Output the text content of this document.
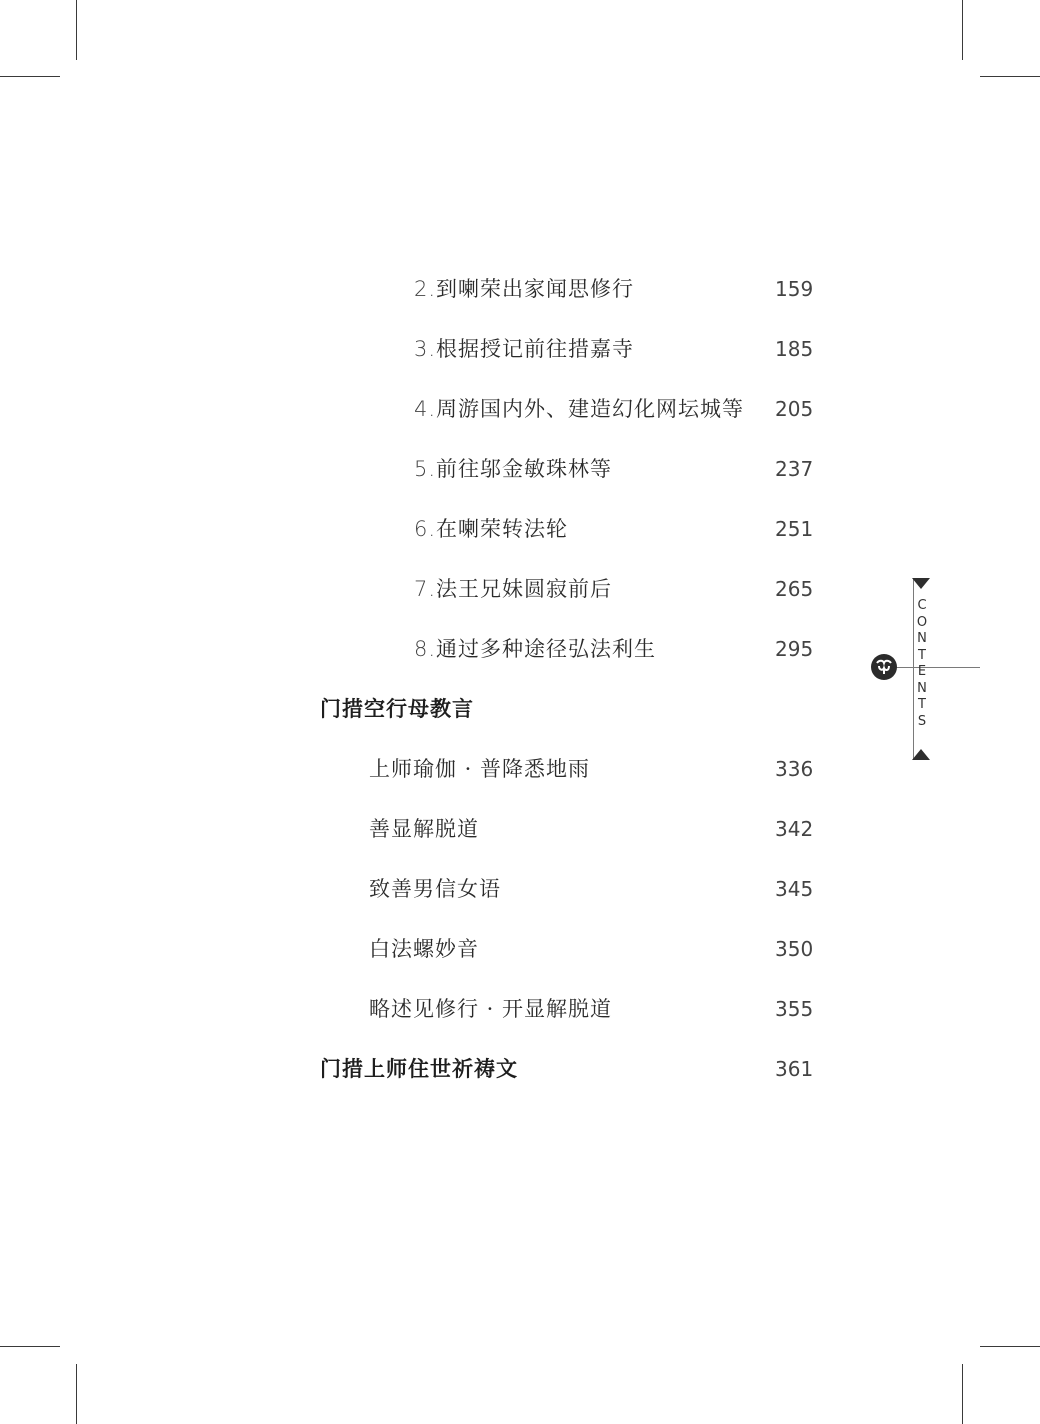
2.到喇荣出家闻思修行	159
3.根据授记前往措嘉寺	185
4.周游国内外、建造幻化网坛城等 205
5.前往邬金敏珠林等	237
6.在喇荣转法轮	251
7.法王兄妹圆寂前后	265
8.通过多种途径弘法利生	295
门措空行母教言
上师瑜伽 · 普降悉地雨	336
善显解脱道	342
致善男信女语	345
白法螺妙音	350
略述见修行 · 开显解脱道	355
门措上师住世祈祷文	361
CONTENTS
